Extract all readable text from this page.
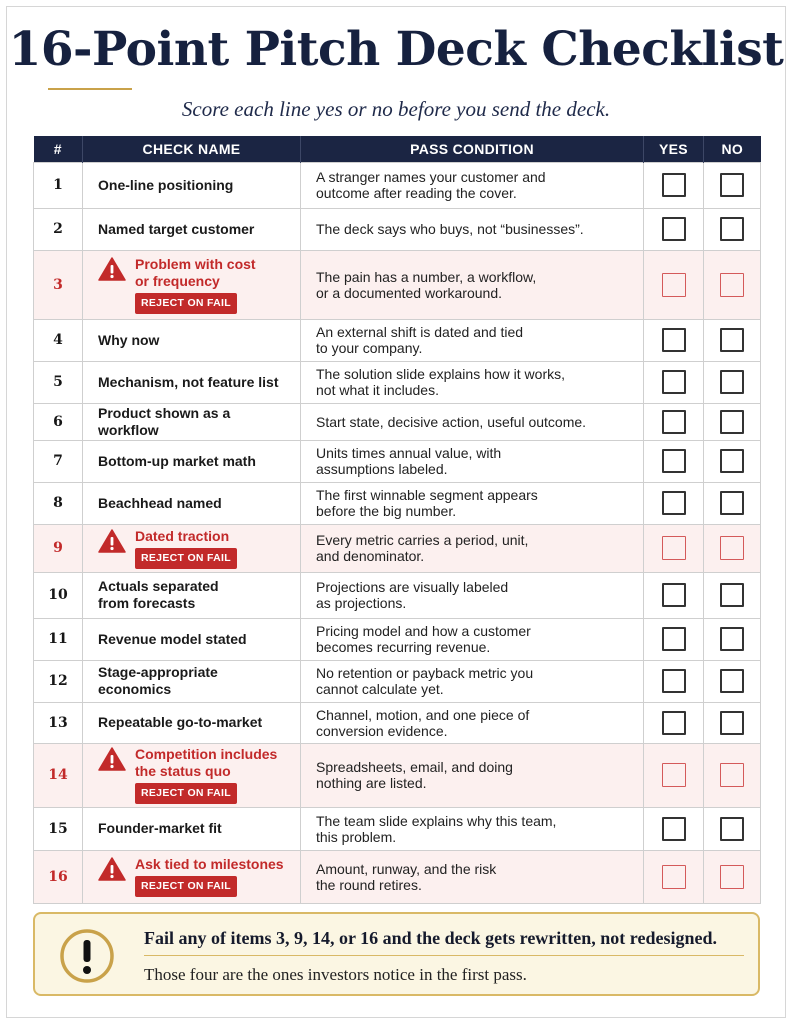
16-Point Pitch Deck Checklist
Score each line yes or no before you send the deck.
#	CHECK NAME	PASS CONDITION	YES	NO
1	One-line positioning	A stranger names your customer and
outcome after reading the cover.		
2	Named target customer	The deck says who buys, not “businesses”.		
3	Problem with cost
or frequency
REJECT ON FAIL	The pain has a number, a workflow,
or a documented workaround.		
4	Why now	An external shift is dated and tied
to your company.		
5	Mechanism, not feature list	The solution slide explains how it works,
not what it includes.		
6	Product shown as a workflow	Start state, decisive action, useful outcome.		
7	Bottom-up market math	Units times annual value, with
assumptions labeled.		
8	Beachhead named	The first winnable segment appears
before the big number.		
9	Dated traction
REJECT ON FAIL	Every metric carries a period, unit,
and denominator.		
10	Actuals separated
from forecasts	Projections are visually labeled
as projections.		
11	Revenue model stated	Pricing model and how a customer
becomes recurring revenue.		
12	Stage-appropriate economics	No retention or payback metric you
cannot calculate yet.		
13	Repeatable go-to-market	Channel, motion, and one piece of
conversion evidence.		
14	Competition includes
the status quo
REJECT ON FAIL	Spreadsheets, email, and doing
nothing are listed.		
15	Founder-market fit	The team slide explains why this team,
this problem.		
16	Ask tied to milestones
REJECT ON FAIL	Amount, runway, and the risk
the round retires.		
Fail any of items 3, 9, 14, or 16 and the deck gets rewritten, not redesigned.
Those four are the ones investors notice in the first pass.
